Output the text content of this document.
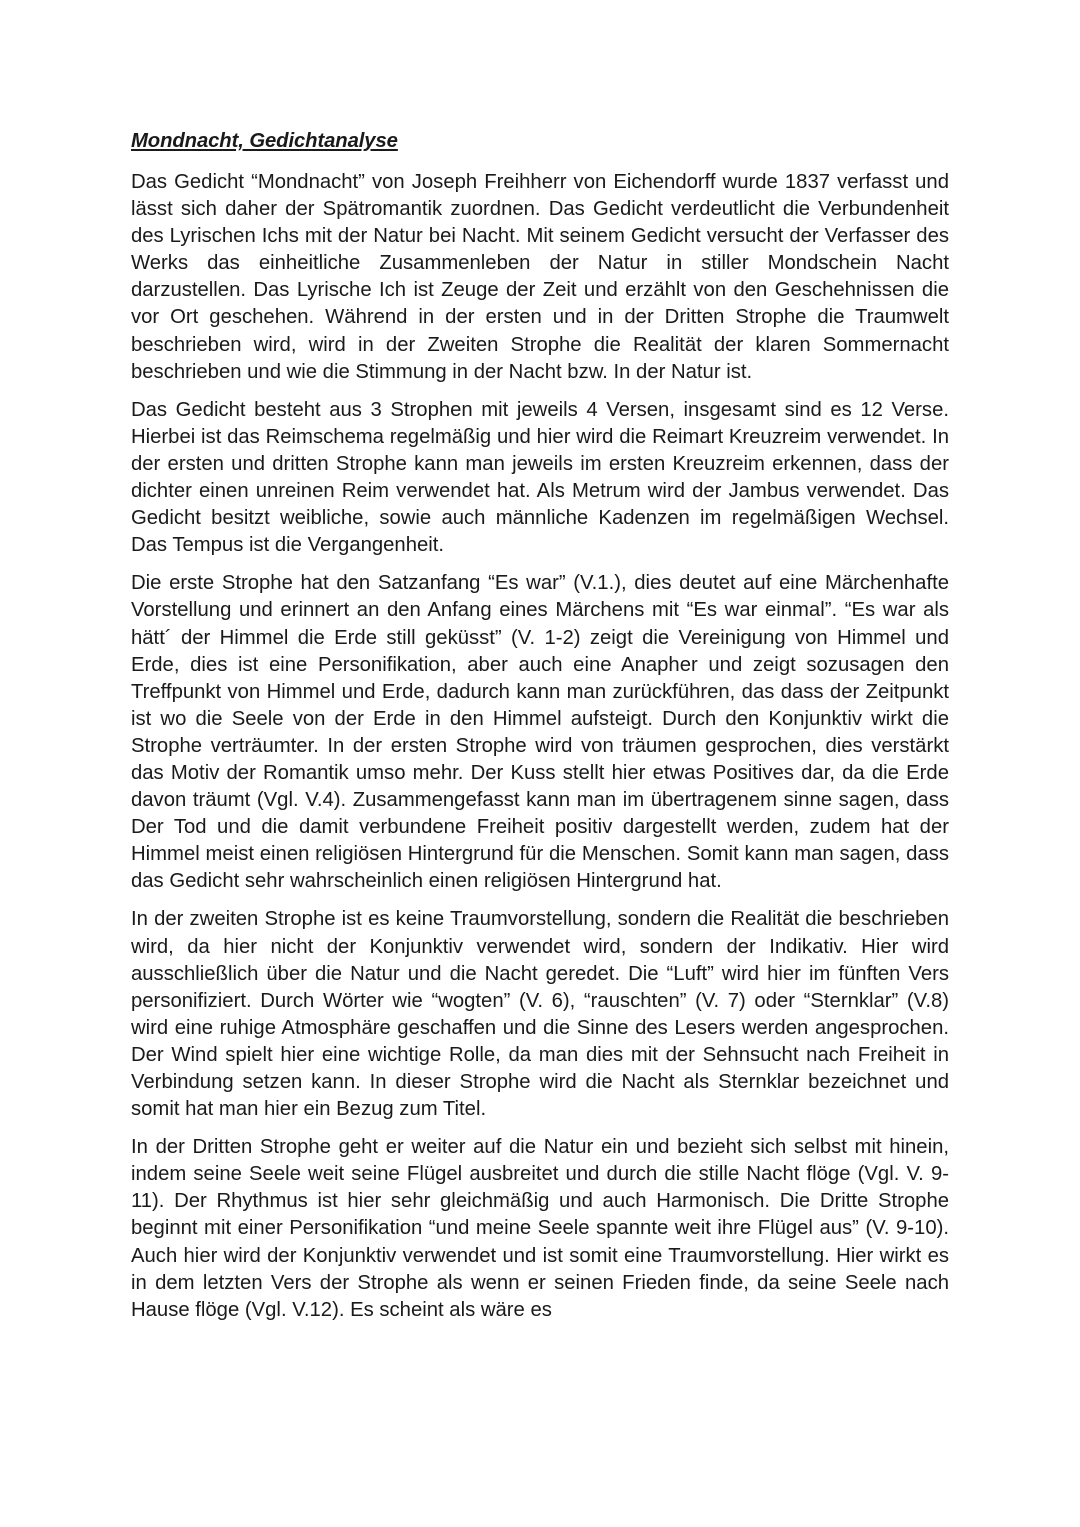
Mondnacht, Gedichtanalyse

Das Gedicht “Mondnacht” von Joseph Freihherr von Eichendorff wurde 1837 verfasst und lässt sich daher der Spätromantik zuordnen. Das Gedicht verdeutlicht die Verbundenheit des Lyrischen Ichs mit der Natur bei Nacht. Mit seinem Gedicht versucht der Verfasser des Werks das einheitliche Zusammenleben der Natur in stiller Mondschein Nacht darzustellen. Das Lyrische Ich ist Zeuge der Zeit und erzählt von den Geschehnissen die vor Ort geschehen. Während in der ersten und in der Dritten Strophe die Traumwelt beschrieben wird, wird in der Zweiten Strophe die Realität der klaren Sommernacht beschrieben und wie die Stimmung in der Nacht bzw. In der Natur ist.

Das Gedicht besteht aus 3 Strophen mit jeweils 4 Versen, insgesamt sind es 12 Verse. Hierbei ist das Reimschema regelmäßig und hier wird die Reimart Kreuzreim verwendet. In der ersten und dritten Strophe kann man jeweils im ersten Kreuzreim erkennen, dass der dichter einen unreinen Reim verwendet hat. Als Metrum wird der Jambus verwendet. Das Gedicht besitzt weibliche, sowie auch männliche Kadenzen im regelmäßigen Wechsel. Das Tempus ist die Vergangenheit.

Die erste Strophe hat den Satzanfang “Es war” (V.1.), dies deutet auf eine Märchenhafte Vorstellung und erinnert an den Anfang eines Märchens mit “Es war einmal”. “Es war als hätt´ der Himmel die Erde still geküsst” (V. 1-2) zeigt die Vereinigung von Himmel und Erde, dies ist eine Personifikation, aber auch eine Anapher und zeigt sozusagen den Treffpunkt von Himmel und Erde, dadurch kann man zurückführen, das dass der Zeitpunkt ist wo die Seele von der Erde in den Himmel aufsteigt. Durch den Konjunktiv wirkt die Strophe verträumter. In der ersten Strophe wird von träumen gesprochen, dies verstärkt das Motiv der Romantik umso mehr. Der Kuss stellt hier etwas Positives dar, da die Erde davon träumt (Vgl. V.4). Zusammengefasst kann man im übertragenem sinne sagen, dass Der Tod und die damit verbundene Freiheit positiv dargestellt werden, zudem hat der Himmel meist einen religiösen Hintergrund für die Menschen. Somit kann man sagen, dass das Gedicht sehr wahrscheinlich einen religiösen Hintergrund hat.

In der zweiten Strophe ist es keine Traumvorstellung, sondern die Realität die beschrieben wird, da hier nicht der Konjunktiv verwendet wird, sondern der Indikativ. Hier wird ausschließlich über die Natur und die Nacht geredet. Die “Luft” wird hier im fünften Vers personifiziert. Durch Wörter wie “wogten” (V. 6), “rauschten” (V. 7) oder “Sternklar” (V.8) wird eine ruhige Atmosphäre geschaffen und die Sinne des Lesers werden angesprochen. Der Wind spielt hier eine wichtige Rolle, da man dies mit der Sehnsucht nach Freiheit in Verbindung setzen kann. In dieser Strophe wird die Nacht als Sternklar bezeichnet und somit hat man hier ein Bezug zum Titel.

In der Dritten Strophe geht er weiter auf die Natur ein und bezieht sich selbst mit hinein, indem seine Seele weit seine Flügel ausbreitet und durch die stille Nacht flöge (Vgl. V. 9-11). Der Rhythmus ist hier sehr gleichmäßig und auch Harmonisch. Die Dritte Strophe beginnt mit einer Personifikation “und meine Seele spannte weit ihre Flügel aus” (V. 9-10). Auch hier wird der Konjunktiv verwendet und ist somit eine Traumvorstellung. Hier wirkt es in dem letzten Vers der Strophe als wenn er seinen Frieden finde, da seine Seele nach Hause flöge (Vgl. V.12). Es scheint als wäre es
